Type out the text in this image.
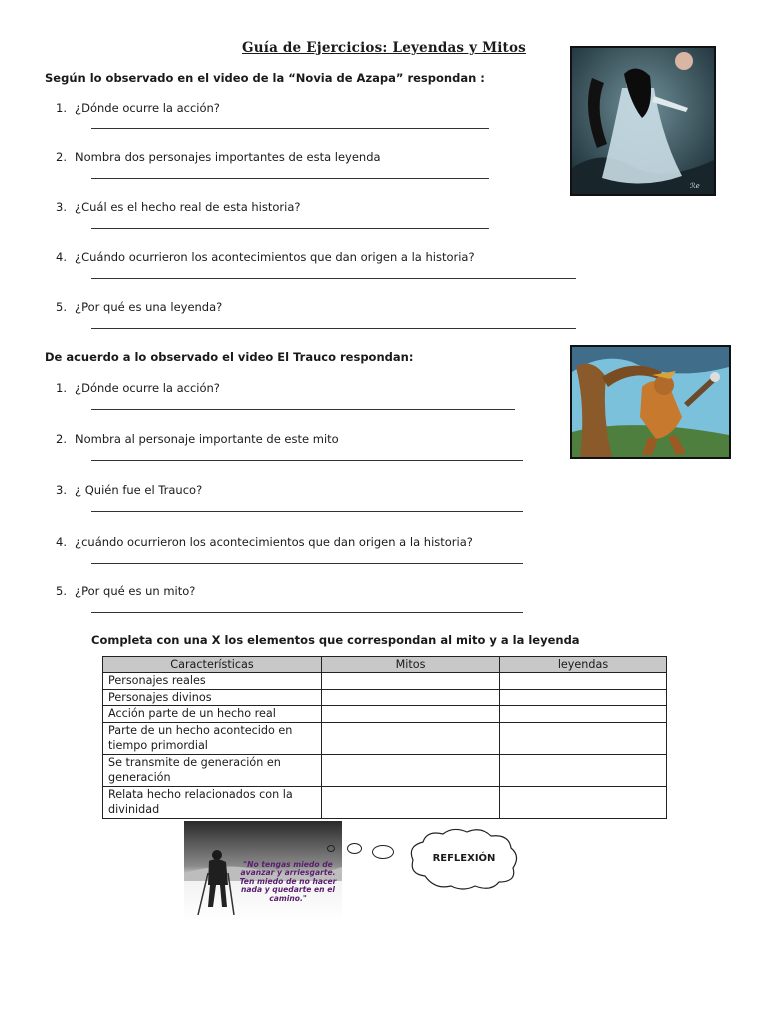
Guía de Ejercicios: Leyendas y Mitos
Según lo observado en el video de la “Novia de Azapa” respondan :
1. ¿Dónde ocurre la acción?
2. Nombra dos personajes importantes de esta leyenda
3. ¿Cuál es el hecho real de esta historia?
4. ¿Cuándo ocurrieron los acontecimientos que dan origen a la historia?
5. ¿Por qué es una leyenda?
ℛℯ
De acuerdo a lo observado el video El Trauco respondan:
1. ¿Dónde ocurre la acción?
2. Nombra al personaje importante de este mito
3. ¿ Quién fue el Trauco?
4. ¿cuándo ocurrieron los acontecimientos que dan origen a la historia?
5. ¿Por qué es un mito?
Completa con una X los elementos que correspondan al mito y a la leyenda
Características	Mitos	leyendas
Personajes reales		
Personajes divinos		
Acción parte de un hecho real		
Parte de un hecho acontecido en tiempo primordial		
Se transmite de generación en generación		
Relata hecho relacionados con la divinidad		
"No tengas miedo de avanzar y arriesgarte. Ten miedo de no hacer nada y quedarte en el camino."
REFLEXIÓN
